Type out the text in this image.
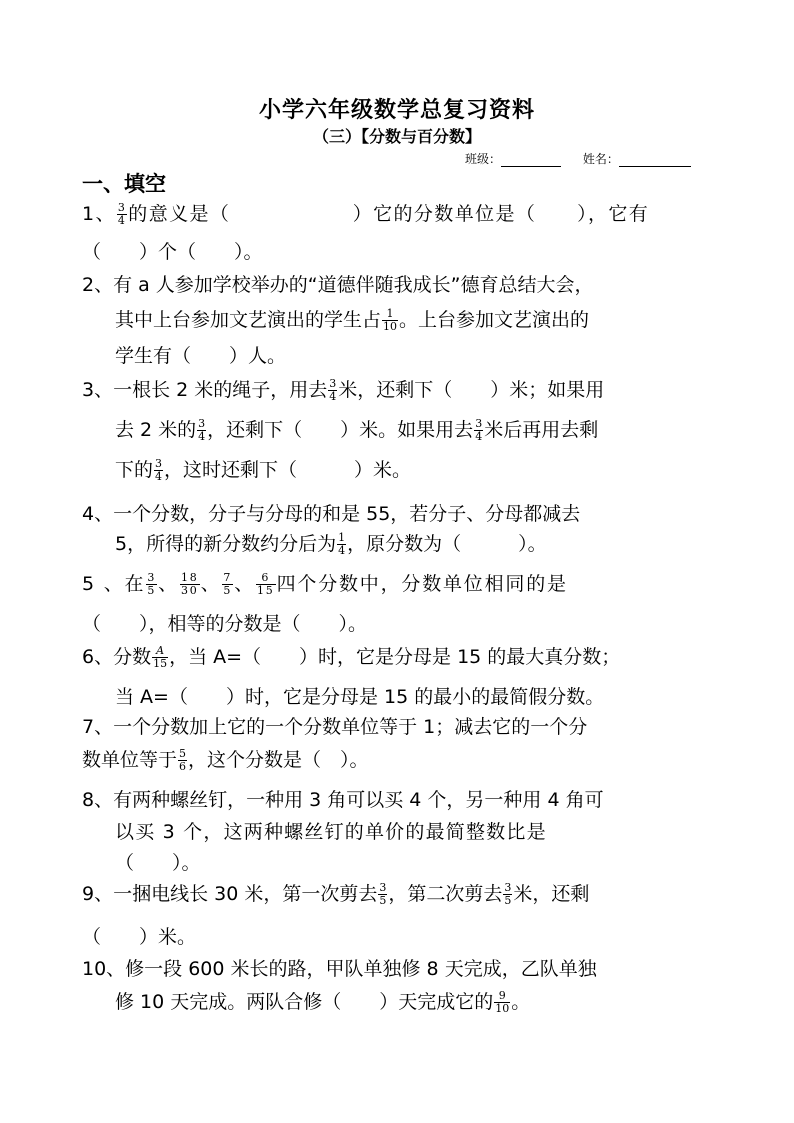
小学六年级数学总复习资料
（三）【分数与百分数】
班级：	姓名：
一、填空
1、 $\frac{3}{4}$ 的意义是（　　　　　　）它的分数单位是（　　），它有
（　　）个（　　）。
2、有 a 人参加学校举办的“道德伴随我成长”德育总结大会，
其中上台参加文艺演出的学生占 $\frac{1}{10}$ 。上台参加文艺演出的
学生有（　　）人。
3、一根长 2 米的绳子，用去 $\frac{3}{4}$ 米，还剩下（　　）米；如果用
去 2 米的 $\frac{3}{4}$ ，还剩下（　　）米。如果用去 $\frac{3}{4}$ 米后再用去剩
下的 $\frac{3}{4}$ ，这时还剩下（　　　）米。
4、一个分数，分子与分母的和是 55，若分子、分母都减去
5，所得的新分数约分后为 $\frac{1}{4}$ ，原分数为（　　　）。
5 、在 $\frac{3}{5}$ 、 $\frac{18}{30}$ 、 $\frac{7}{5}$ 、 $\frac{6}{15}$ 四个分数中，分数单位相同的是
（　　），相等的分数是（　　）。
6、分数 $\frac{A}{15}$ ，当 A=（　　）时，它是分母是 15 的最大真分数；
当 A=（　　）时，它是分母是 15 的最小的最简假分数。
7、一个分数加上它的一个分数单位等于 1；减去它的一个分
数单位等于 $\frac{5}{6}$ ，这个分数是（　）。
8、有两种螺丝钉，一种用 3 角可以买 4 个，另一种用 4 角可
以买 3 个，这两种螺丝钉的单价的最简整数比是
（　　）。
9、一捆电线长 30 米，第一次剪去 $\frac{3}{5}$ ，第二次剪去 $\frac{3}{5}$ 米，还剩
（　　）米。
10、修一段 600 米长的路，甲队单独修 8 天完成，乙队单独
修 10 天完成。两队合修（　　）天完成它的 $\frac{9}{10}$ 。
